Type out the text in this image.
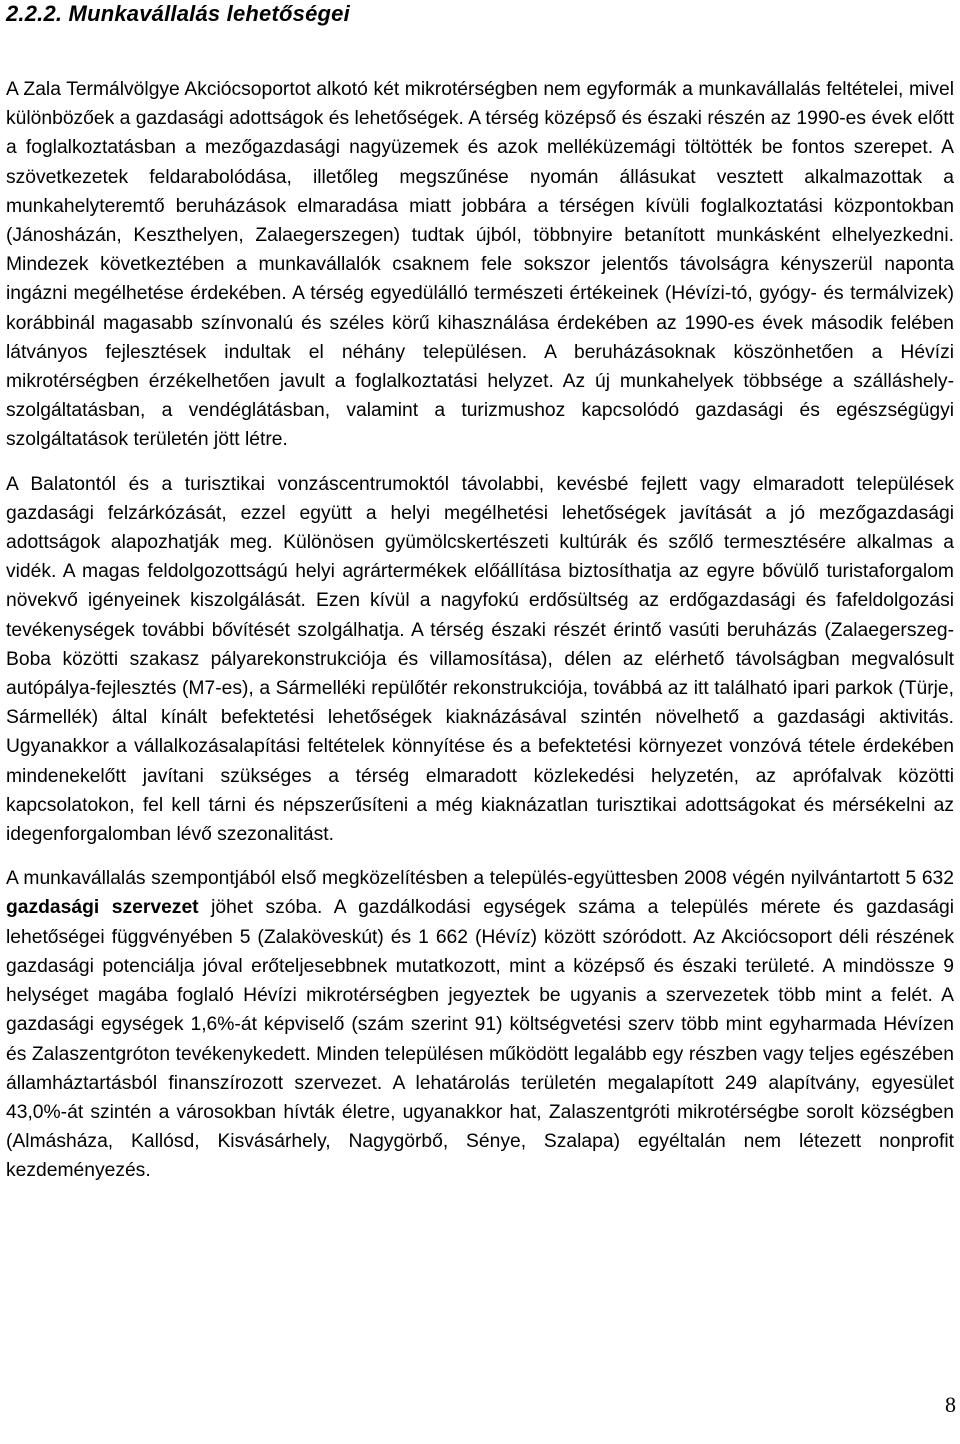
2.2.2. Munkavállalás lehetőségei

A Zala Termálvölgye Akciócsoportot alkotó két mikrotérségben nem egyformák a munkavállalás feltételei, mivel különbözőek a gazdasági adottságok és lehetőségek. A térség középső és északi részén az 1990-es évek előtt a foglalkoztatásban a mezőgazdasági nagyüzemek és azok melléküzemági töltötték be fontos szerepet. A szövetkezetek feldarabolódása, illetőleg megszűnése nyomán állásukat vesztett alkalmazottak a munkahelyteremtő beruházások elmaradása miatt jobbára a térségen kívüli foglalkoztatási központokban (Jánosházán, Keszthelyen, Zalaegerszegen) tudtak újból, többnyire betanított munkásként elhelyezkedni. Mindezek következtében a munkavállalók csaknem fele sokszor jelentős távolságra kényszerül naponta ingázni megélhetése érdekében. A térség egyedülálló természeti értékeinek (Hévízi-tó, gyógy- és termálvizek) korábbinál magasabb színvonalú és széles körű kihasználása érdekében az 1990-es évek második felében látványos fejlesztések indultak el néhány településen. A beruházásoknak köszönhetően a Hévízi mikrotérségben érzékelhetően javult a foglalkoztatási helyzet. Az új munkahelyek többsége a szálláshely-szolgáltatásban, a vendéglátásban, valamint a turizmushoz kapcsolódó gazdasági és egészségügyi szolgáltatások területén jött létre.

A Balatontól és a turisztikai vonzáscentrumoktól távolabbi, kevésbé fejlett vagy elmaradott települések gazdasági felzárkózását, ezzel együtt a helyi megélhetési lehetőségek javítását a jó mezőgazdasági adottságok alapozhatják meg. Különösen gyümölcskertészeti kultúrák és szőlő termesztésére alkalmas a vidék. A magas feldolgozottságú helyi agrártermékek előállítása biztosíthatja az egyre bővülő turistaforgalom növekvő igényeinek kiszolgálását. Ezen kívül a nagyfokú erdősültség az erdőgazdasági és fafeldolgozási tevékenységek további bővítését szolgálhatja. A térség északi részét érintő vasúti beruházás (Zalaegerszeg-Boba közötti szakasz pályarekonstrukciója és villamosítása), délen az elérhető távolságban megvalósult autópálya-fejlesztés (M7-es), a Sármelléki repülőtér rekonstrukciója, továbbá az itt található ipari parkok (Türje, Sármellék) által kínált befektetési lehetőségek kiaknázásával szintén növelhető a gazdasági aktivitás. Ugyanakkor a vállalkozásalapítási feltételek könnyítése és a befektetési környezet vonzóvá tétele érdekében mindenekelőtt javítani szükséges a térség elmaradott közlekedési helyzetén, az aprófalvak közötti kapcsolatokon, fel kell tárni és népszerűsíteni a még kiaknázatlan turisztikai adottságokat és mérsékelni az idegenforgalomban lévő szezonalitást.

A munkavállalás szempontjából első megközelítésben a település-együttesben 2008 végén nyilvántartott 5 632 gazdasági szervezet jöhet szóba. A gazdálkodási egységek száma a település mérete és gazdasági lehetőségei függvényében 5 (Zalaköveskút) és 1 662 (Hévíz) között szóródott. Az Akciócsoport déli részének gazdasági potenciálja jóval erőteljesebbnek mutatkozott, mint a középső és északi területé. A mindössze 9 helységet magába foglaló Hévízi mikrotérségben jegyeztek be ugyanis a szervezetek több mint a felét. A gazdasági egységek 1,6%-át képviselő (szám szerint 91) költségvetési szerv több mint egyharmada Hévízen és Zalaszentgróton tevékenykedett. Minden településen működött legalább egy részben vagy teljes egészében államháztartásból finanszírozott szervezet. A lehatárolás területén megalapított 249 alapítvány, egyesület 43,0%-át szintén a városokban hívták életre, ugyanakkor hat, Zalaszentgróti mikrotérségbe sorolt községben (Almásháza, Kallósd, Kisvásárhely, Nagygörbő, Sénye, Szalapa) egyéltalán nem létezett nonprofit kezdeményezés.

8
